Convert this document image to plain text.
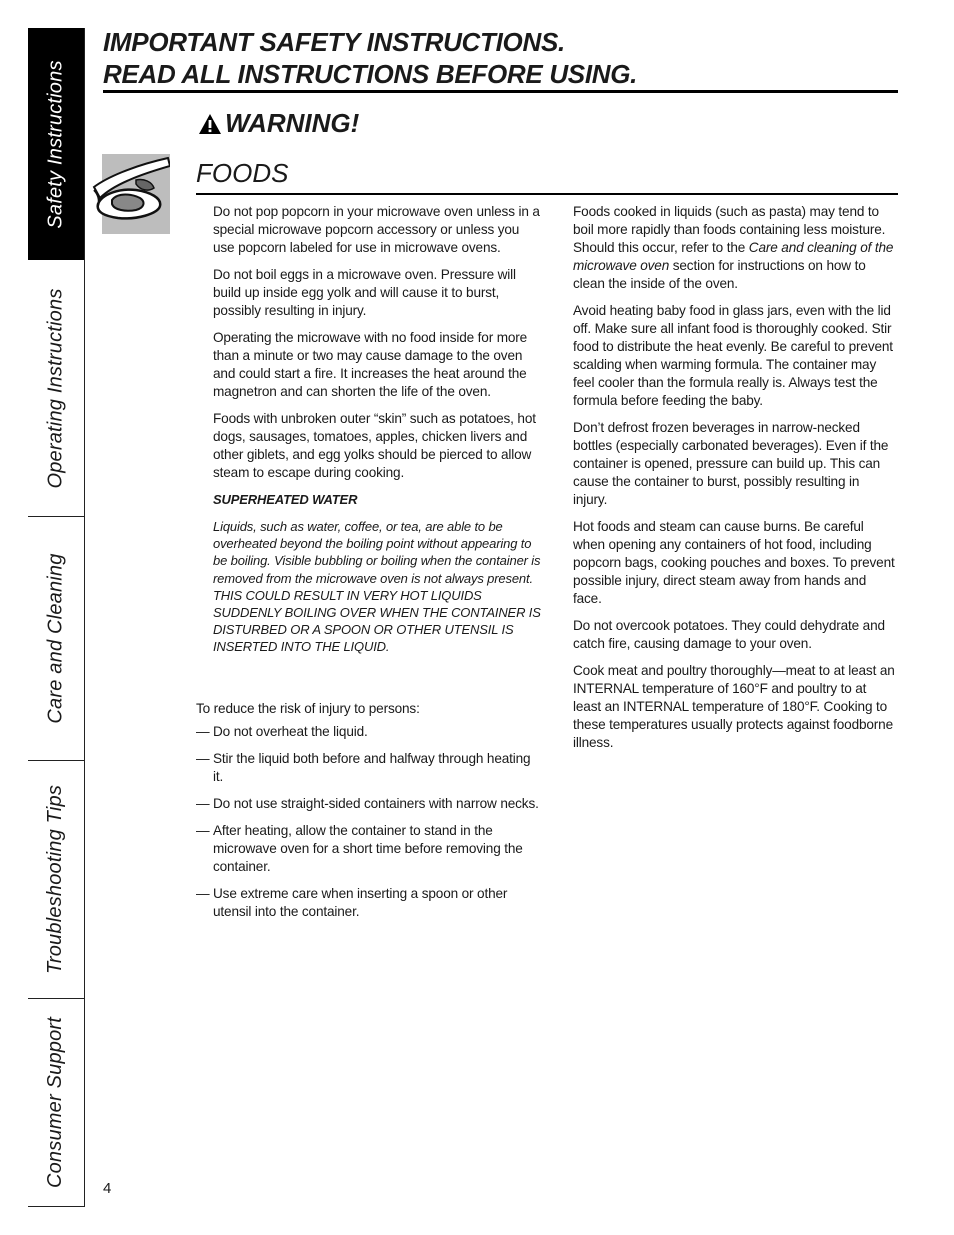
Safety Instructions
Operating Instructions
Care and Cleaning
Troubleshooting Tips
Consumer Support
IMPORTANT SAFETY INSTRUCTIONS.
READ ALL INSTRUCTIONS BEFORE USING.
WARNING!
FOODS

Do not pop popcorn in your microwave oven unless in a special microwave popcorn accessory or unless you use popcorn labeled for use in microwave ovens.

Do not boil eggs in a microwave oven. Pressure will build up inside egg yolk and will cause it to burst, possibly resulting in injury.

Operating the microwave with no food inside for more than a minute or two may cause damage to the oven and could start a fire. It increases the heat around the magnetron and can shorten the life of the oven.

Foods with unbroken outer “skin” such as potatoes, hot dogs, sausages, tomatoes, apples, chicken livers and other giblets, and egg yolks should be pierced to allow steam to escape during cooking.

SUPERHEATED WATER

Liquids, such as water, coffee, or tea, are able to be overheated beyond the boiling point without appearing to be boiling. Visible bubbling or boiling when the container is removed from the microwave oven is not always present. THIS COULD RESULT IN VERY HOT LIQUIDS SUDDENLY BOILING OVER WHEN THE CONTAINER IS DISTURBED OR A SPOON OR OTHER UTENSIL IS INSERTED INTO THE LIQUID.

To reduce the risk of injury to persons:
— Do not overheat the liquid.
— Stir the liquid both before and halfway through heating it.
— Do not use straight-sided containers with narrow necks.
— After heating, allow the container to stand in the microwave oven for a short time before removing the container.
— Use extreme care when inserting a spoon or other utensil into the container.

Foods cooked in liquids (such as pasta) may tend to boil more rapidly than foods containing less moisture. Should this occur, refer to the Care and cleaning of the microwave oven section for instructions on how to clean the inside of the oven.

Avoid heating baby food in glass jars, even with the lid off. Make sure all infant food is thoroughly cooked. Stir food to distribute the heat evenly. Be careful to prevent scalding when warming formula. The container may feel cooler than the formula really is. Always test the formula before feeding the baby.

Don’t defrost frozen beverages in narrow-necked bottles (especially carbonated beverages). Even if the container is opened, pressure can build up. This can cause the container to burst, possibly resulting in injury.

Hot foods and steam can cause burns. Be careful when opening any containers of hot food, including popcorn bags, cooking pouches and boxes. To prevent possible injury, direct steam away from hands and face.

Do not overcook potatoes. They could dehydrate and catch fire, causing damage to your oven.

Cook meat and poultry thoroughly—meat to at least an INTERNAL temperature of 160°F and poultry to at least an INTERNAL temperature of 180°F. Cooking to these temperatures usually protects against foodborne illness.

4
